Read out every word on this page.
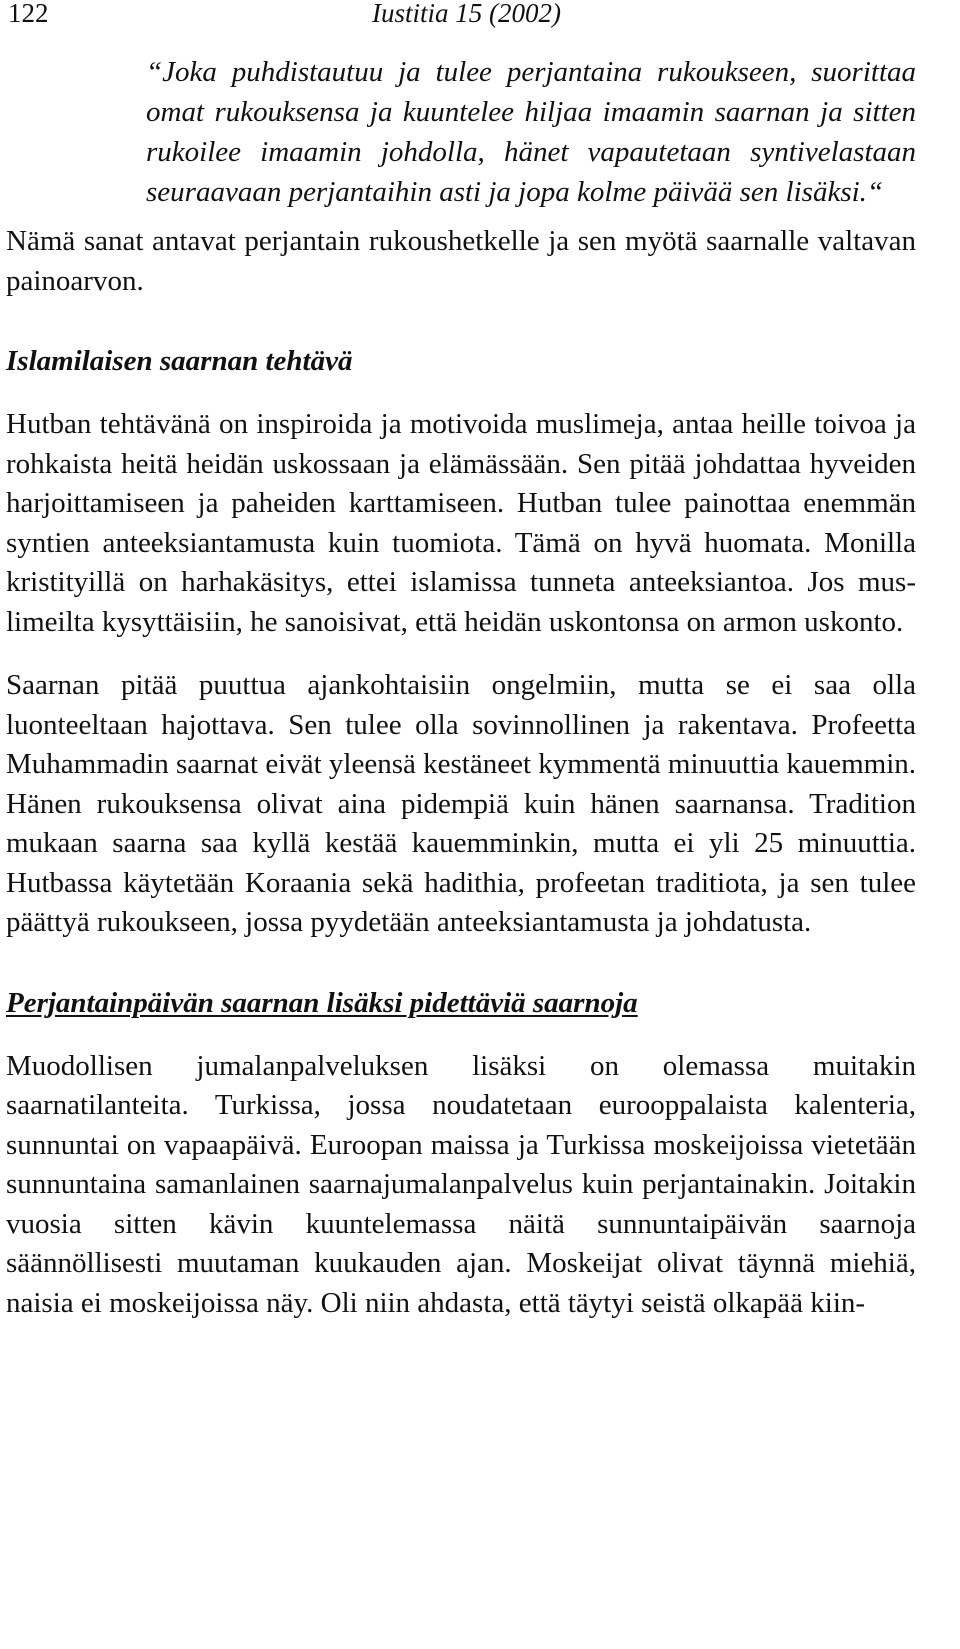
122	Iustitia 15 (2002)

“Joka puhdistautuu ja tulee perjantaina rukoukseen, suorittaa omat rukouksensa ja kuuntelee hiljaa imaamin saarnan ja sitten rukoilee imaamin johdolla, hänet vapautetaan syntivelastaan seuraavaan perjantaihin asti ja jopa kolme päivää sen lisäksi.“

Nämä sanat antavat perjantain rukoushetkelle ja sen myötä saarnalle valtavan painoarvon.

Islamilaisen saarnan tehtävä

Hutban tehtävänä on inspiroida ja motivoida muslimeja, antaa heille toivoa ja rohkaista heitä heidän uskossaan ja elämässään. Sen pitää johdattaa hyveiden harjoittamiseen ja paheiden karttamiseen. Hutban tulee painottaa enemmän syntien anteeksiantamusta kuin tuomiota. Tämä on hyvä huomata. Monilla kristityillä on harhakäsitys, ettei islamissa tunneta anteeksiantoa. Jos muslimeilta kysyttäisiin, he sanoisivat, että heidän uskontonsa on armon uskonto.

Saarnan pitää puuttua ajankohtaisiin ongelmiin, mutta se ei saa olla luonteeltaan hajottava. Sen tulee olla sovinnollinen ja rakentava. Profeetta Muhammadin saarnat eivät yleensä kestäneet kymmentä minuuttia kauemmin. Hänen rukouksensa olivat aina pidempiä kuin hänen saarnansa. Tradition mukaan saarna saa kyllä kestää kauemminkin, mutta ei yli 25 minuuttia. Hutbassa käytetään Koraania sekä hadithia, profeetan traditiota, ja sen tulee päättyä rukoukseen, jossa pyydetään anteeksiantamusta ja johdatusta.

Perjantainpäivän saarnan lisäksi pidettäviä saarnoja

Muodollisen jumalanpalveluksen lisäksi on olemassa muitakin saarnatilanteita. Turkissa, jossa noudatetaan eurooppalaista kalenteria, sunnuntai on vapaapäivä. Euroopan maissa ja Turkissa moskeijoissa vietetään sunnuntaina samanlainen saarnajumalanpalvelus kuin perjantainakin. Joitakin vuosia sitten kävin kuuntelemassa näitä sunnuntaipäivän saarnoja säännöllisesti muutaman kuukauden ajan. Moskeijat olivat täynnä miehiä, naisia ei moskeijoissa näy. Oli niin ahdasta, että täytyi seistä olkapää kiin-
